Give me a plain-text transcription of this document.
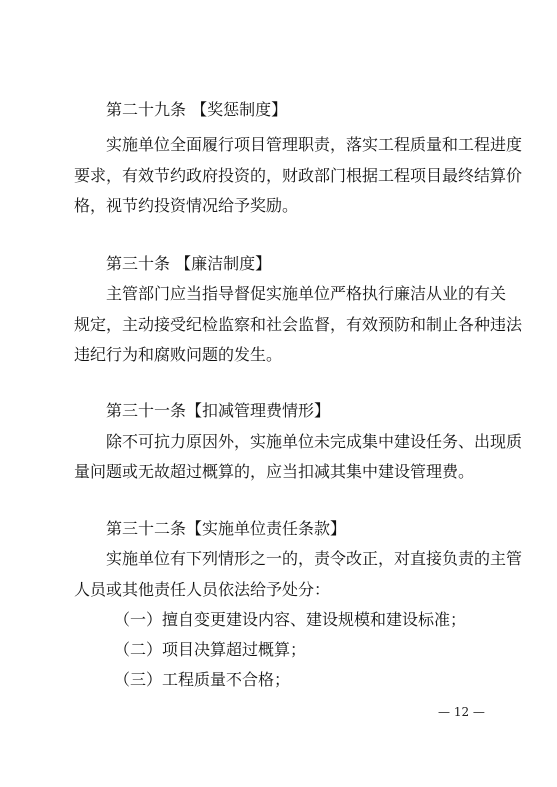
第二十九条 【奖惩制度】
实施单位全面履行项目管理职责，落实工程质量和工程进度
要求，有效节约政府投资的，财政部门根据工程项目最终结算价
格，视节约投资情况给予奖励。
第三十条 【廉洁制度】
主管部门应当指导督促实施单位严格执行廉洁从业的有关
规定，主动接受纪检监察和社会监督，有效预防和制止各种违法
违纪行为和腐败问题的发生。
第三十一条【扣减管理费情形】
除不可抗力原因外，实施单位未完成集中建设任务、出现质
量问题或无故超过概算的，应当扣减其集中建设管理费。
第三十二条【实施单位责任条款】
实施单位有下列情形之一的，责令改正，对直接负责的主管
人员或其他责任人员依法给予处分：
（一）擅自变更建设内容、建设规模和建设标准；
（二）项目决算超过概算；
（三）工程质量不合格；
— 12 —
